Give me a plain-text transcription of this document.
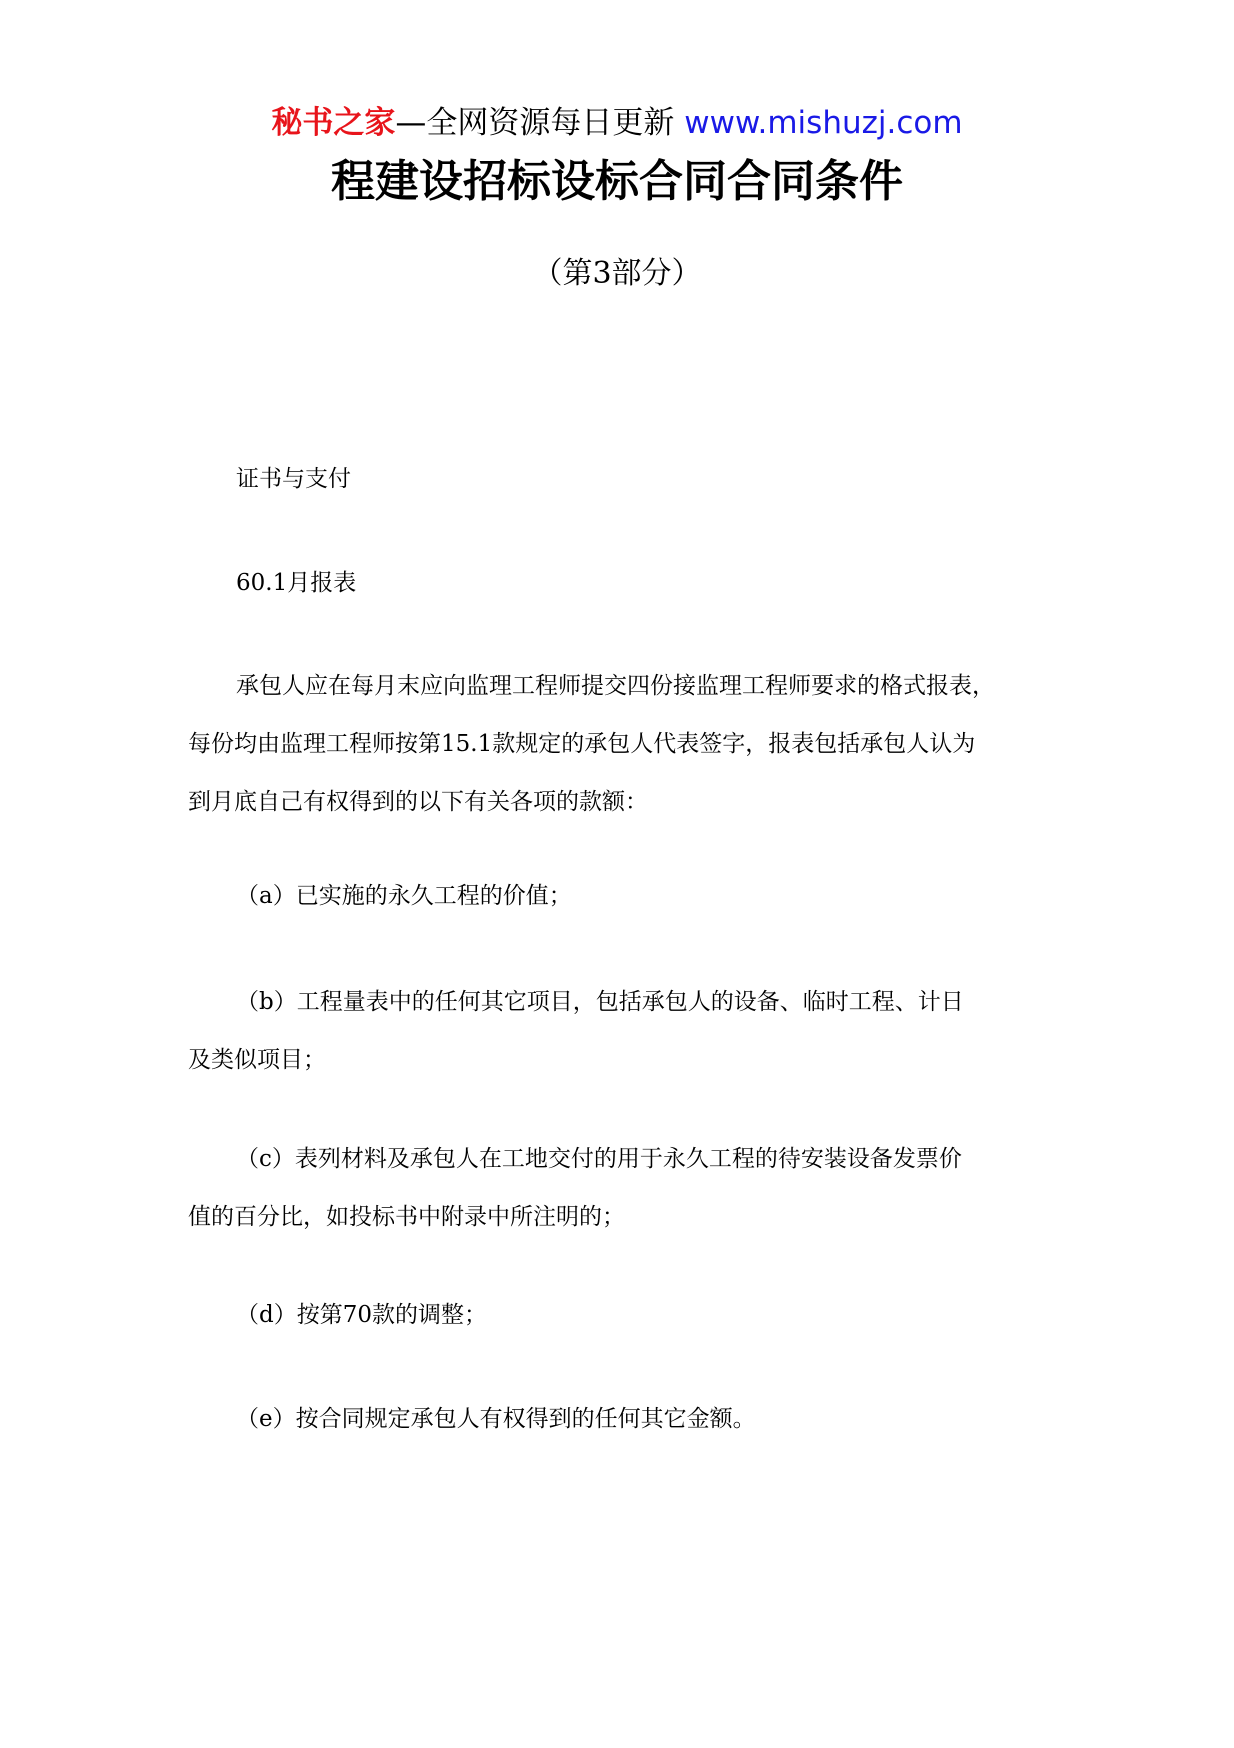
秘书之家—全网资源每日更新 www.mishuzj.com
程建设招标设标合同合同条件
（第3部分）

证书与支付

60.1月报表

承包人应在每月末应向监理工程师提交四份接监理工程师要求的格式报表，
每份均由监理工程师按第15.1款规定的承包人代表签字，报表包括承包人认为
到月底自己有权得到的以下有关各项的款额：

（a）已实施的永久工程的价值；

（b）工程量表中的任何其它项目，包括承包人的设备、临时工程、计日
及类似项目；

（c）表列材料及承包人在工地交付的用于永久工程的待安装设备发票价
值的百分比，如投标书中附录中所注明的；

（d）按第70款的调整；

（e）按合同规定承包人有权得到的任何其它金额。
